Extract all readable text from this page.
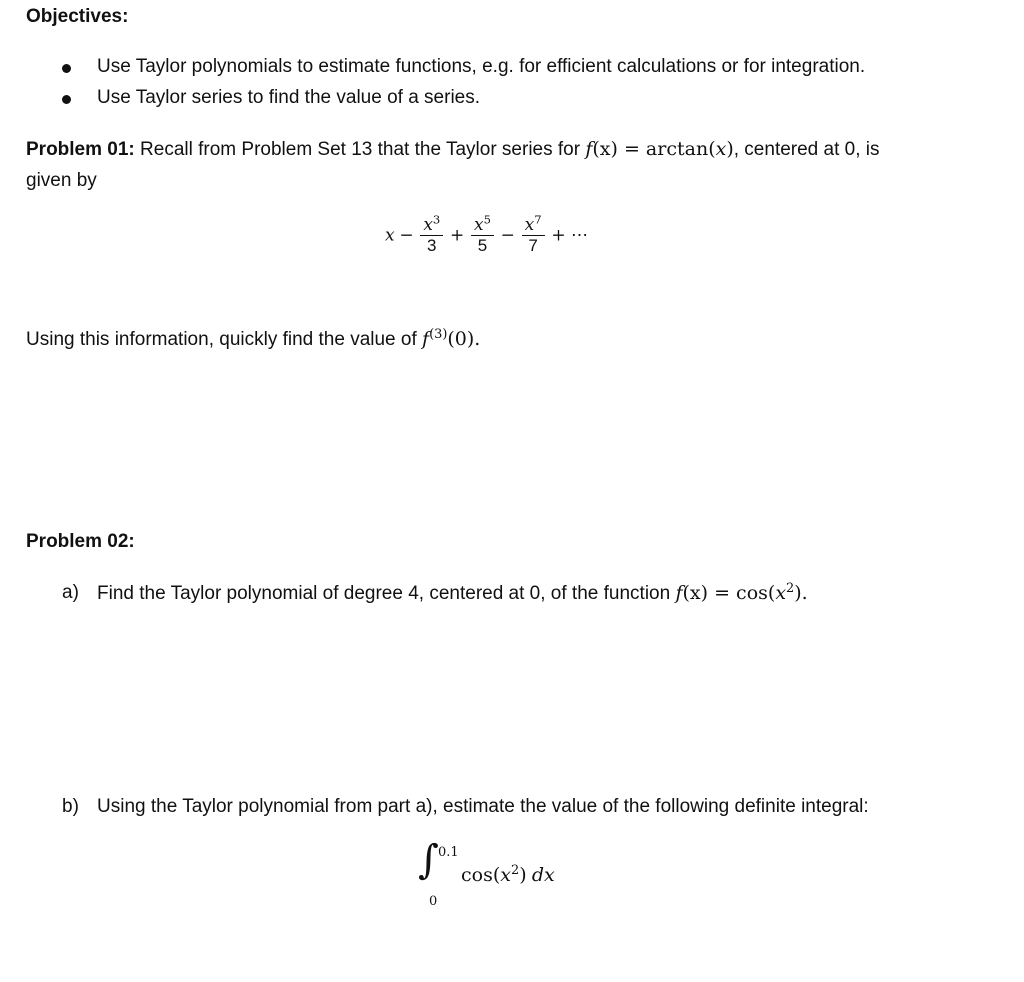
Objectives:
Use Taylor polynomials to estimate functions, e.g. for efficient calculations or for integration.
Use Taylor series to find the value of a series.
Problem 01: Recall from Problem Set 13 that the Taylor series for f(x) = arctan(x), centered at 0, is
given by
$x - \frac{x^3}{3} + \frac{x^5}{5} - \frac{x^7}{7}$ + ⋯
Using this information, quickly find the value of $f^{(3)}(0)$.
Problem 02:
a) Find the Taylor polynomial of degree 4, centered at 0, of the function $f(x) = \cos(x^2)$.
b) Using the Taylor polynomial from part a), estimate the value of the following definite integral:
∫ 0.1
0
$\cos(x^2)$ dx
